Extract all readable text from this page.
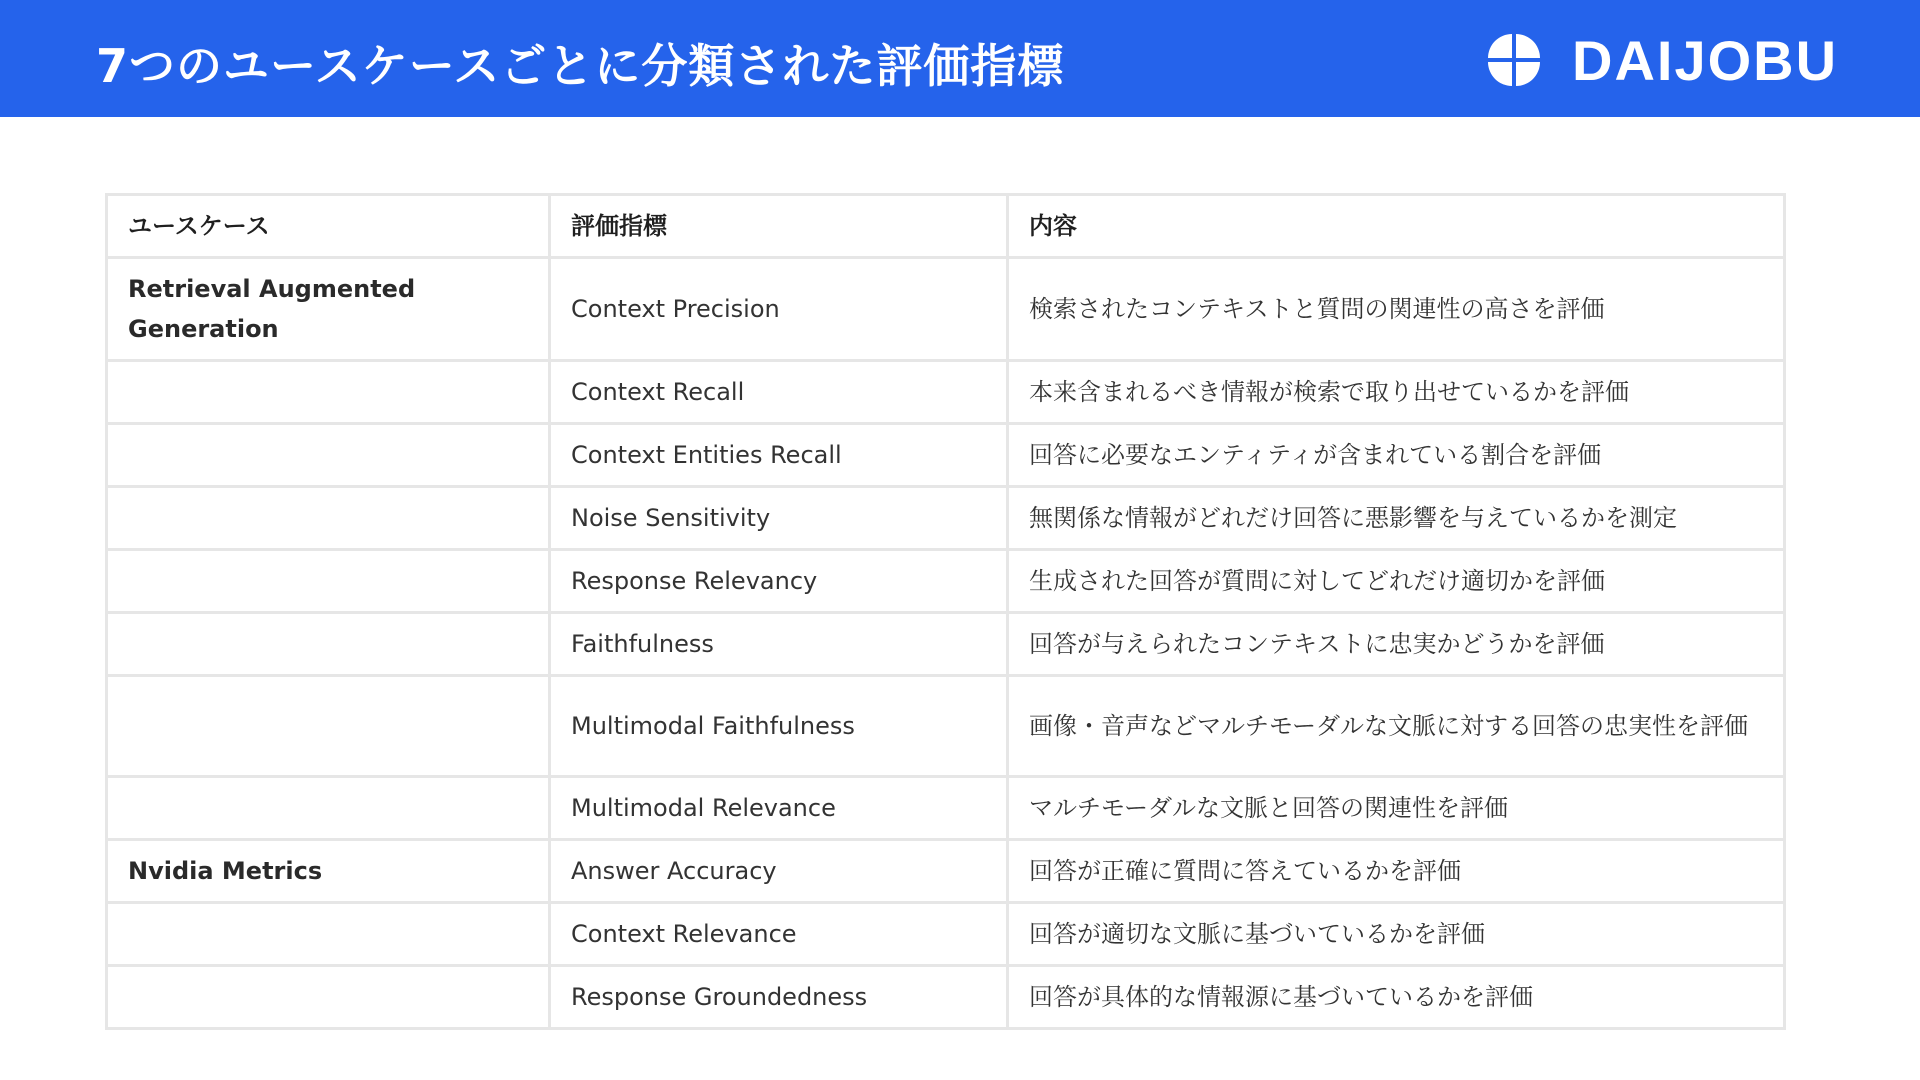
7つのユースケースごとに分類された評価指標	DAIJOBU
ユースケース	評価指標	内容
Retrieval Augmented Generation	Context Precision	検索されたコンテキストと質問の関連性の高さを評価
	Context Recall	本来含まれるべき情報が検索で取り出せているかを評価
	Context Entities Recall	回答に必要なエンティティが含まれている割合を評価
	Noise Sensitivity	無関係な情報がどれだけ回答に悪影響を与えているかを測定
	Response Relevancy	生成された回答が質問に対してどれだけ適切かを評価
	Faithfulness	回答が与えられたコンテキストに忠実かどうかを評価
	Multimodal Faithfulness	画像・音声などマルチモーダルな文脈に対する回答の忠実性を評価
	Multimodal Relevance	マルチモーダルな文脈と回答の関連性を評価
Nvidia Metrics	Answer Accuracy	回答が正確に質問に答えているかを評価
	Context Relevance	回答が適切な文脈に基づいているかを評価
	Response Groundedness	回答が具体的な情報源に基づいているかを評価
